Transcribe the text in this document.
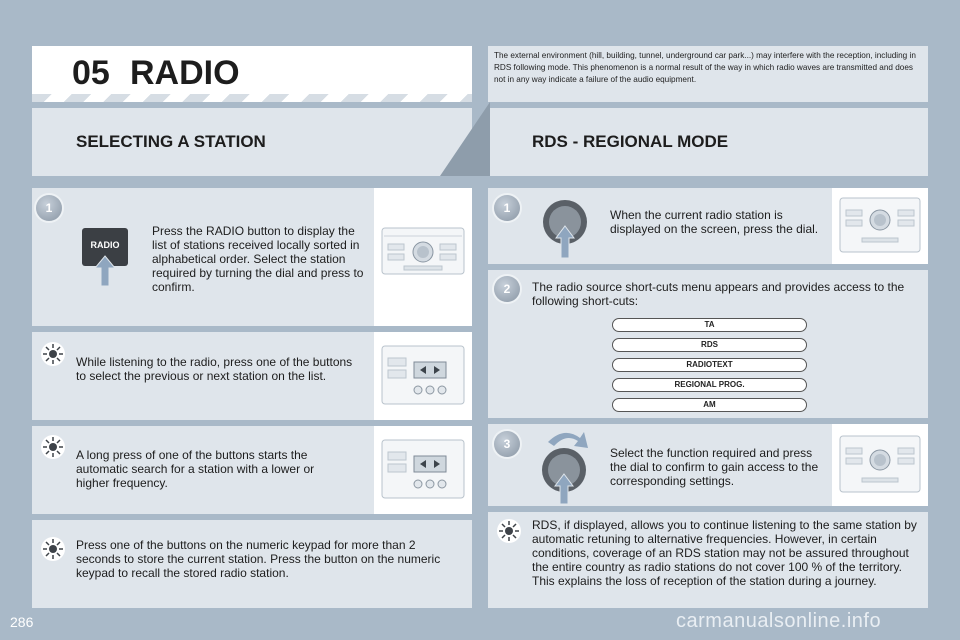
05 RADIO	The external environment (hill, building, tunnel, underground car park...) may interfere with the reception, including in RDS following mode. This phenomenon is a normal result of the way in which radio waves are transmitted and does not in any way indicate a failure of the audio equipment.
SELECTING A STATION	RDS - REGIONAL MODE
1
RADIO
Press the RADIO button to display the list of stations received locally sorted in alphabetical order. Select the station required by turning the dial and press to confirm.
While listening to the radio, press one of the buttons to select the previous or next station on the list.
A long press of one of the buttons starts the automatic search for a station with a lower or higher frequency.
Press one of the buttons on the numeric keypad for more than 2 seconds to store the current station. Press the button on the numeric keypad to recall the stored radio station.
1	When the current radio station is displayed on the screen, press the dial.
2	The radio source short-cuts menu appears and provides access to the following short-cuts:
TA
RDS
RADIOTEXT
REGIONAL PROG.
AM
3
Select the function required and press the dial to confirm to gain access to the corresponding settings.
RDS, if displayed, allows you to continue listening to the same station by automatic retuning to alternative frequencies. However, in certain conditions, coverage of an RDS station may not be assured throughout the entire country as radio stations do not cover 100 % of the territory. This explains the loss of reception of the station during a journey.
286	carmanualsonline.info
